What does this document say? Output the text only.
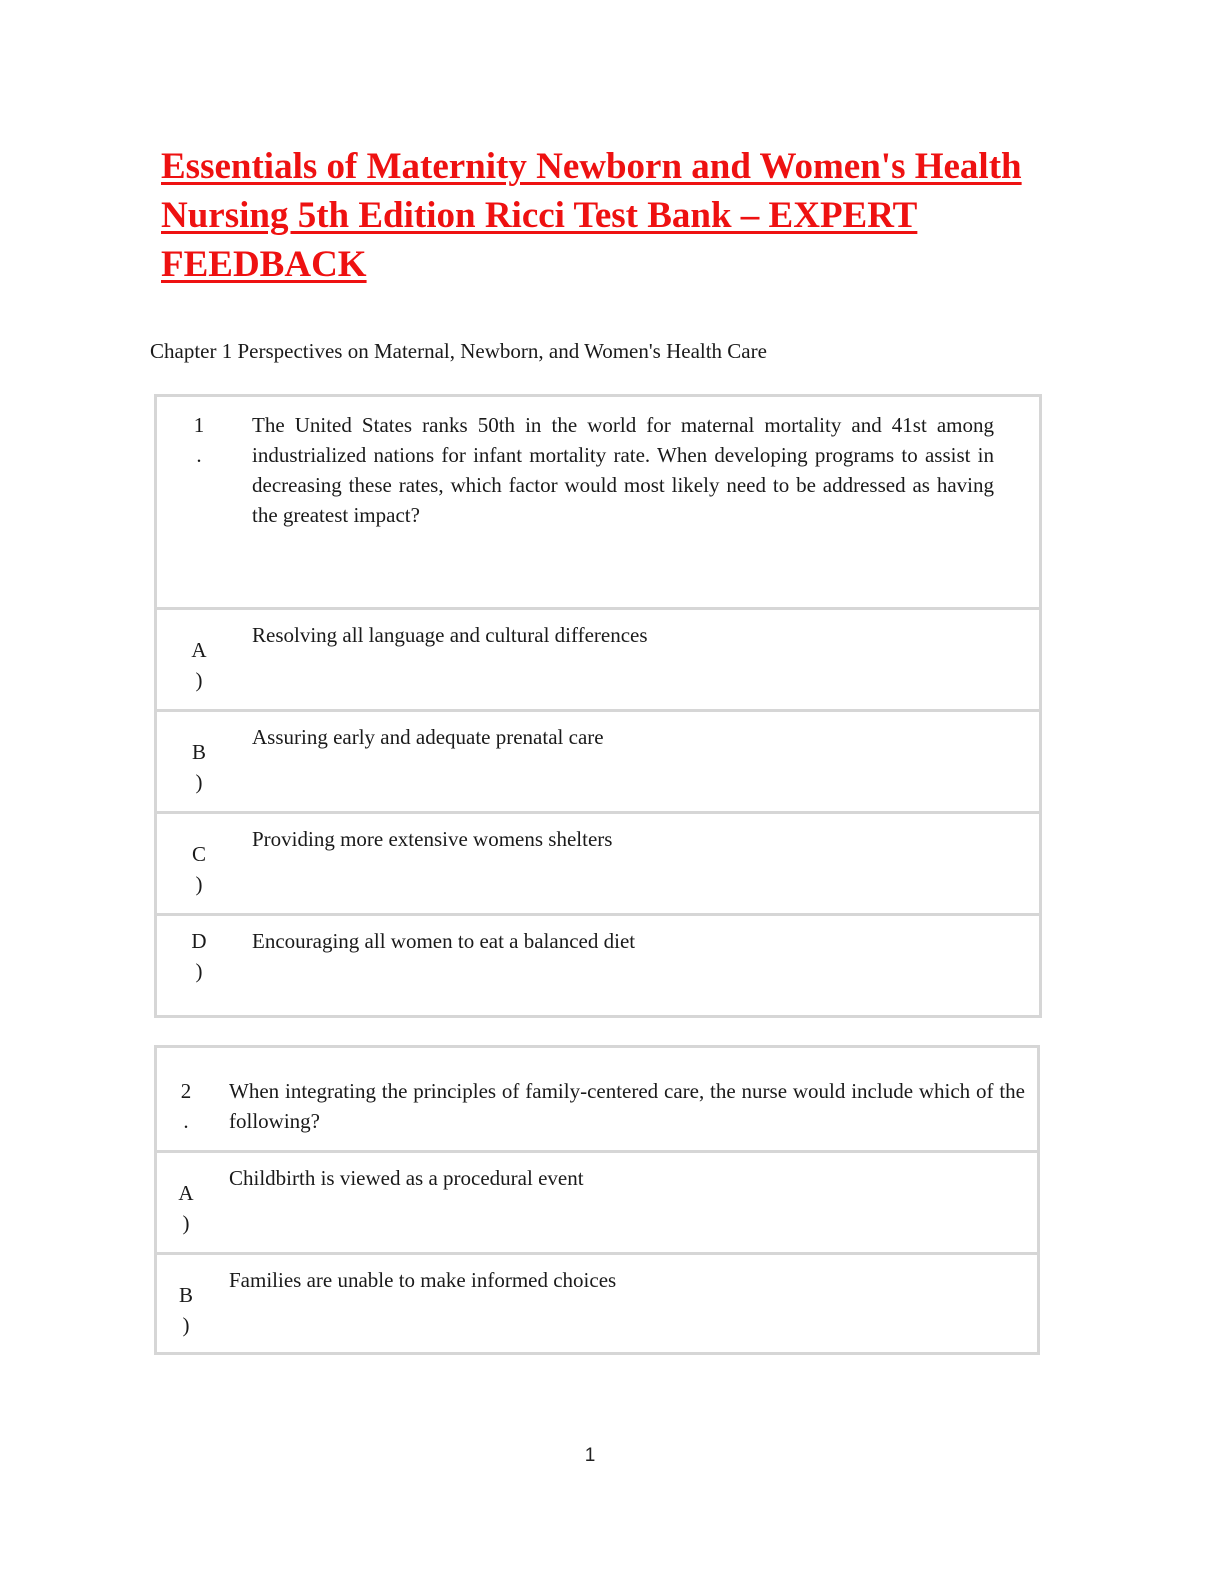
Essentials of Maternity Newborn and Women's Health Nursing 5th Edition Ricci Test Bank – EXPERT FEEDBACK
Chapter 1 Perspectives on Maternal, Newborn, and Women's Health Care
1
.
The United States ranks 50th in the world for maternal mortality and 41st among industrialized nations for infant mortality rate. When developing programs to assist in decreasing these rates, which factor would most likely need to be addressed as having the greatest impact?
A
)
Resolving all language and cultural differences
B
)
Assuring early and adequate prenatal care
C
)
Providing more extensive womens shelters
D
)
Encouraging all women to eat a balanced diet
2
.
When integrating the principles of family-centered care, the nurse would include which of the following?
A
)
Childbirth is viewed as a procedural event
B
)
Families are unable to make informed choices
1
